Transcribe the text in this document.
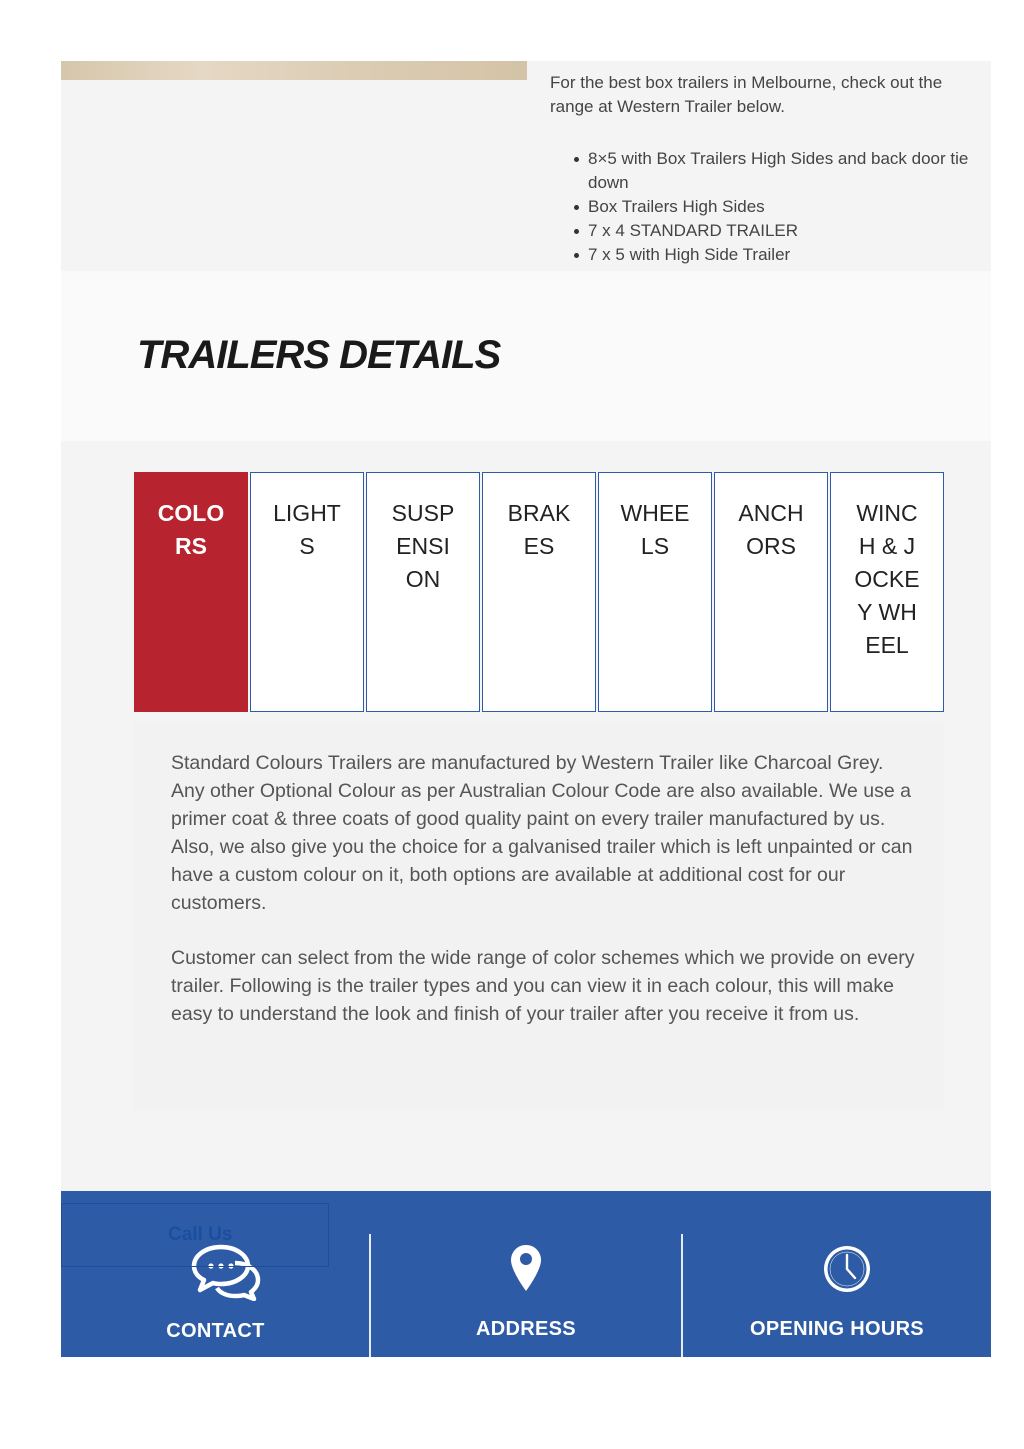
For the best box trailers in Melbourne, check out the range at Western Trailer below.

8×5 with Box Trailers High Sides and back door tie down
Box Trailers High Sides
7 x 4 STANDARD TRAILER
7 x 5 with High Side Trailer
TRAILERS DETAILS
COLORS
LIGHTS
SUSPENSION
BRAKES
WHEELS
ANCHORS
WINCH & JOCKEY WHEEL

Standard Colours Trailers are manufactured by Western Trailer like Charcoal Grey. Any other Optional Colour as per Australian Colour Code are also available. We use a primer coat & three coats of good quality paint on every trailer manufactured by us. Also, we also give you the choice for a galvanised trailer which is left unpainted or can have a custom colour on it, both options are available at additional cost for our customers.

Customer can select from the wide range of color schemes which we provide on every trailer. Following is the trailer types and you can view it in each colour, this will make easy to understand the look and finish of your trailer after you receive it from us.

CONTACT
Call Us
ADDRESS	OPENING HOURS
